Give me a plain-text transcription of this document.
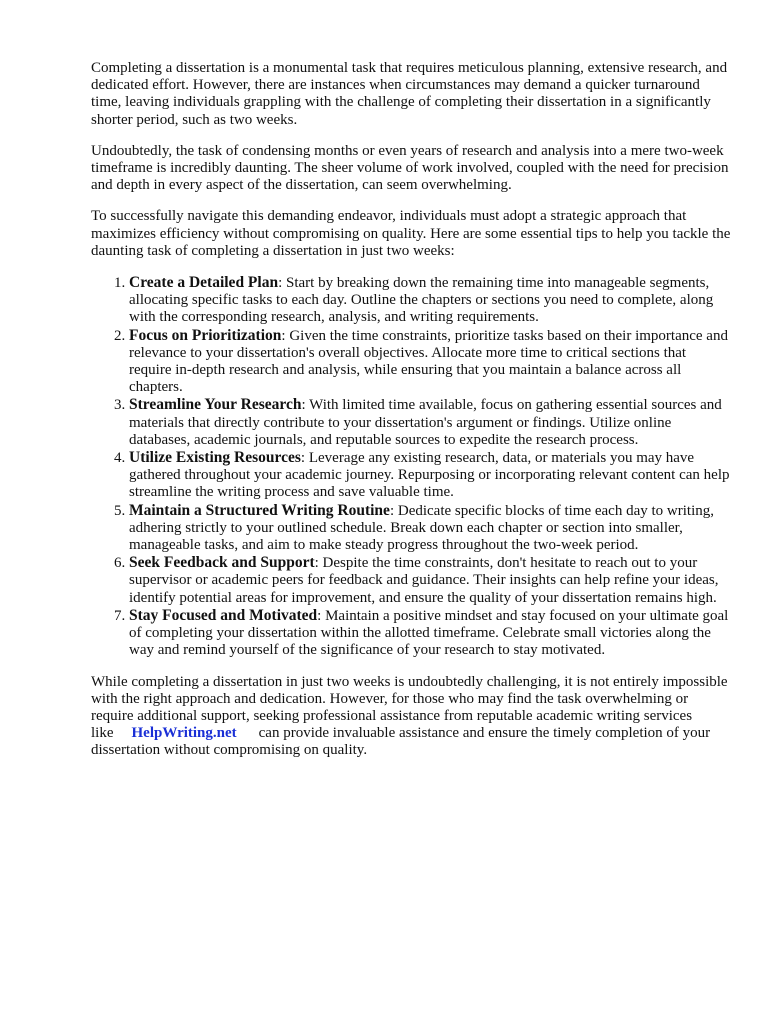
Completing a dissertation is a monumental task that requires meticulous planning, extensive research, and dedicated effort. However, there are instances when circumstances may demand a quicker turnaround time, leaving individuals grappling with the challenge of completing their dissertation in a significantly shorter period, such as two weeks.

Undoubtedly, the task of condensing months or even years of research and analysis into a mere two-week timeframe is incredibly daunting. The sheer volume of work involved, coupled with the need for precision and depth in every aspect of the dissertation, can seem overwhelming.

To successfully navigate this demanding endeavor, individuals must adopt a strategic approach that maximizes efficiency without compromising on quality. Here are some essential tips to help you tackle the daunting task of completing a dissertation in just two weeks:

1. Create a Detailed Plan: Start by breaking down the remaining time into manageable segments, allocating specific tasks to each day. Outline the chapters or sections you need to complete, along with the corresponding research, analysis, and writing requirements.
2. Focus on Prioritization: Given the time constraints, prioritize tasks based on their importance and relevance to your dissertation's overall objectives. Allocate more time to critical sections that require in-depth research and analysis, while ensuring that you maintain a balance across all chapters.
3. Streamline Your Research: With limited time available, focus on gathering essential sources and materials that directly contribute to your dissertation's argument or findings. Utilize online databases, academic journals, and reputable sources to expedite the research process.
4. Utilize Existing Resources: Leverage any existing research, data, or materials you may have gathered throughout your academic journey. Repurposing or incorporating relevant content can help streamline the writing process and save valuable time.
5. Maintain a Structured Writing Routine: Dedicate specific blocks of time each day to writing, adhering strictly to your outlined schedule. Break down each chapter or section into smaller, manageable tasks, and aim to make steady progress throughout the two-week period.
6. Seek Feedback and Support: Despite the time constraints, don't hesitate to reach out to your supervisor or academic peers for feedback and guidance. Their insights can help refine your ideas, identify potential areas for improvement, and ensure the quality of your dissertation remains high.
7. Stay Focused and Motivated: Maintain a positive mindset and stay focused on your ultimate goal of completing your dissertation within the allotted timeframe. Celebrate small victories along the way and remind yourself of the significance of your research to stay motivated.

While completing a dissertation in just two weeks is undoubtedly challenging, it is not entirely impossible with the right approach and dedication. However, for those who may find the task overwhelming or require additional support, seeking professional assistance from reputable academic writing services like HelpWriting.net can provide invaluable assistance and ensure the timely completion of your dissertation without compromising on quality.
